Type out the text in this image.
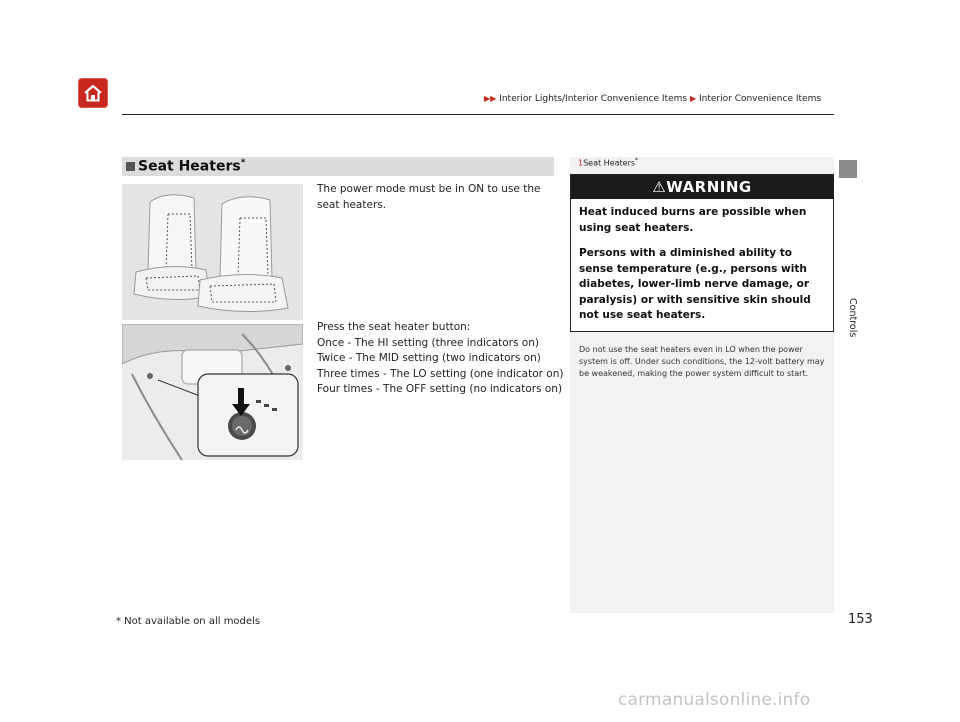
▶▶ Interior Lights/Interior Convenience Items ▶ Interior Convenience Items
Controls
Seat Heaters*
The power mode must be in ON to use the seat heaters.
Press the seat heater button:
Once - The HI setting (three indicators on)
Twice - The MID setting (two indicators on)
Three times - The LO setting (one indicator on)
Four times - The OFF setting (no indicators on)
1Seat Heaters*
⚠WARNING
Heat induced burns are possible when using seat heaters.
Persons with a diminished ability to sense temperature (e.g., persons with diabetes, lower-limb nerve damage, or paralysis) or with sensitive skin should not use seat heaters.
Do not use the seat heaters even in LO when the power system is off. Under such conditions, the 12-volt battery may be weakened, making the power system difficult to start.
* Not available on all models	153
carmanualsonline.info
